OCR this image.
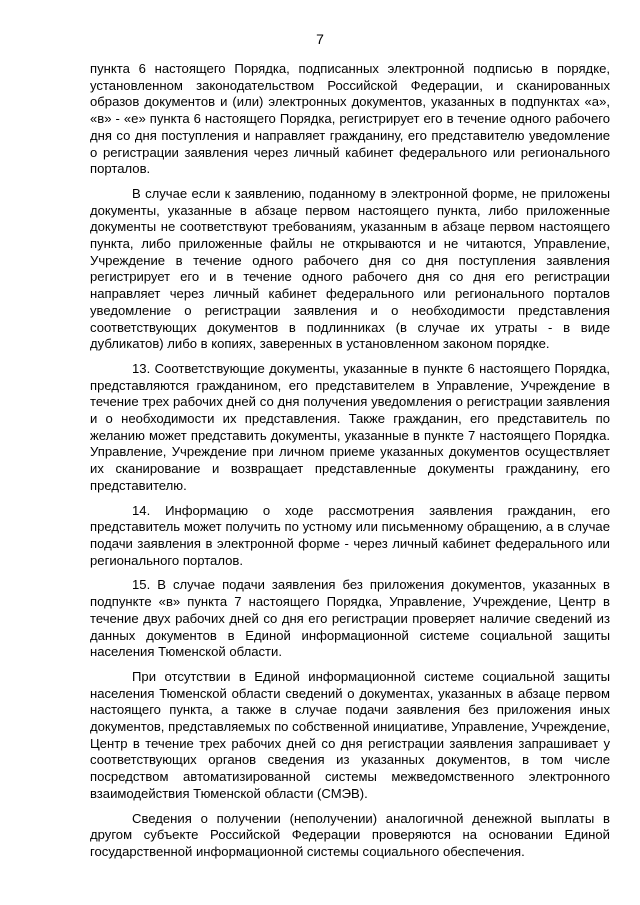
7

пункта 6 настоящего Порядка, подписанных электронной подписью в порядке, установленном законодательством Российской Федерации, и сканированных образов документов и (или) электронных документов, указанных в подпунктах «а», «в» - «е» пункта 6 настоящего Порядка, регистрирует его в течение одного рабочего дня со дня поступления и направляет гражданину, его представителю уведомление о регистрации заявления через личный кабинет федерального или регионального порталов.

В случае если к заявлению, поданному в электронной форме, не приложены документы, указанные в абзаце первом настоящего пункта, либо приложенные документы не соответствуют требованиям, указанным в абзаце первом настоящего пункта, либо приложенные файлы не открываются и не читаются, Управление, Учреждение в течение одного рабочего дня со дня поступления заявления регистрирует его и в течение одного рабочего дня со дня его регистрации направляет через личный кабинет федерального или регионального порталов уведомление о регистрации заявления и о необходимости представления соответствующих документов в подлинниках (в случае их утраты - в виде дубликатов) либо в копиях, заверенных в установленном законом порядке.

13. Соответствующие документы, указанные в пункте 6 настоящего Порядка, представляются гражданином, его представителем в Управление, Учреждение в течение трех рабочих дней со дня получения уведомления о регистрации заявления и о необходимости их представления. Также гражданин, его представитель по желанию может представить документы, указанные в пункте 7 настоящего Порядка. Управление, Учреждение при личном приеме указанных документов осуществляет их сканирование и возвращает представленные документы гражданину, его представителю.

14. Информацию о ходе рассмотрения заявления гражданин, его представитель может получить по устному или письменному обращению, а в случае подачи заявления в электронной форме - через личный кабинет федерального или регионального порталов.

15. В случае подачи заявления без приложения документов, указанных в подпункте «в» пункта 7 настоящего Порядка, Управление, Учреждение, Центр в течение двух рабочих дней со дня его регистрации проверяет наличие сведений из данных документов в Единой информационной системе социальной защиты населения Тюменской области.

При отсутствии в Единой информационной системе социальной защиты населения Тюменской области сведений о документах, указанных в абзаце первом настоящего пункта, а также в случае подачи заявления без приложения иных документов, представляемых по собственной инициативе, Управление, Учреждение, Центр в течение трех рабочих дней со дня регистрации заявления запрашивает у соответствующих органов сведения из указанных документов, в том числе посредством автоматизированной системы межведомственного электронного взаимодействия Тюменской области (СМЭВ).

Сведения о получении (неполучении) аналогичной денежной выплаты в другом субъекте Российской Федерации проверяются на основании Единой государственной информационной системы социального обеспечения.
